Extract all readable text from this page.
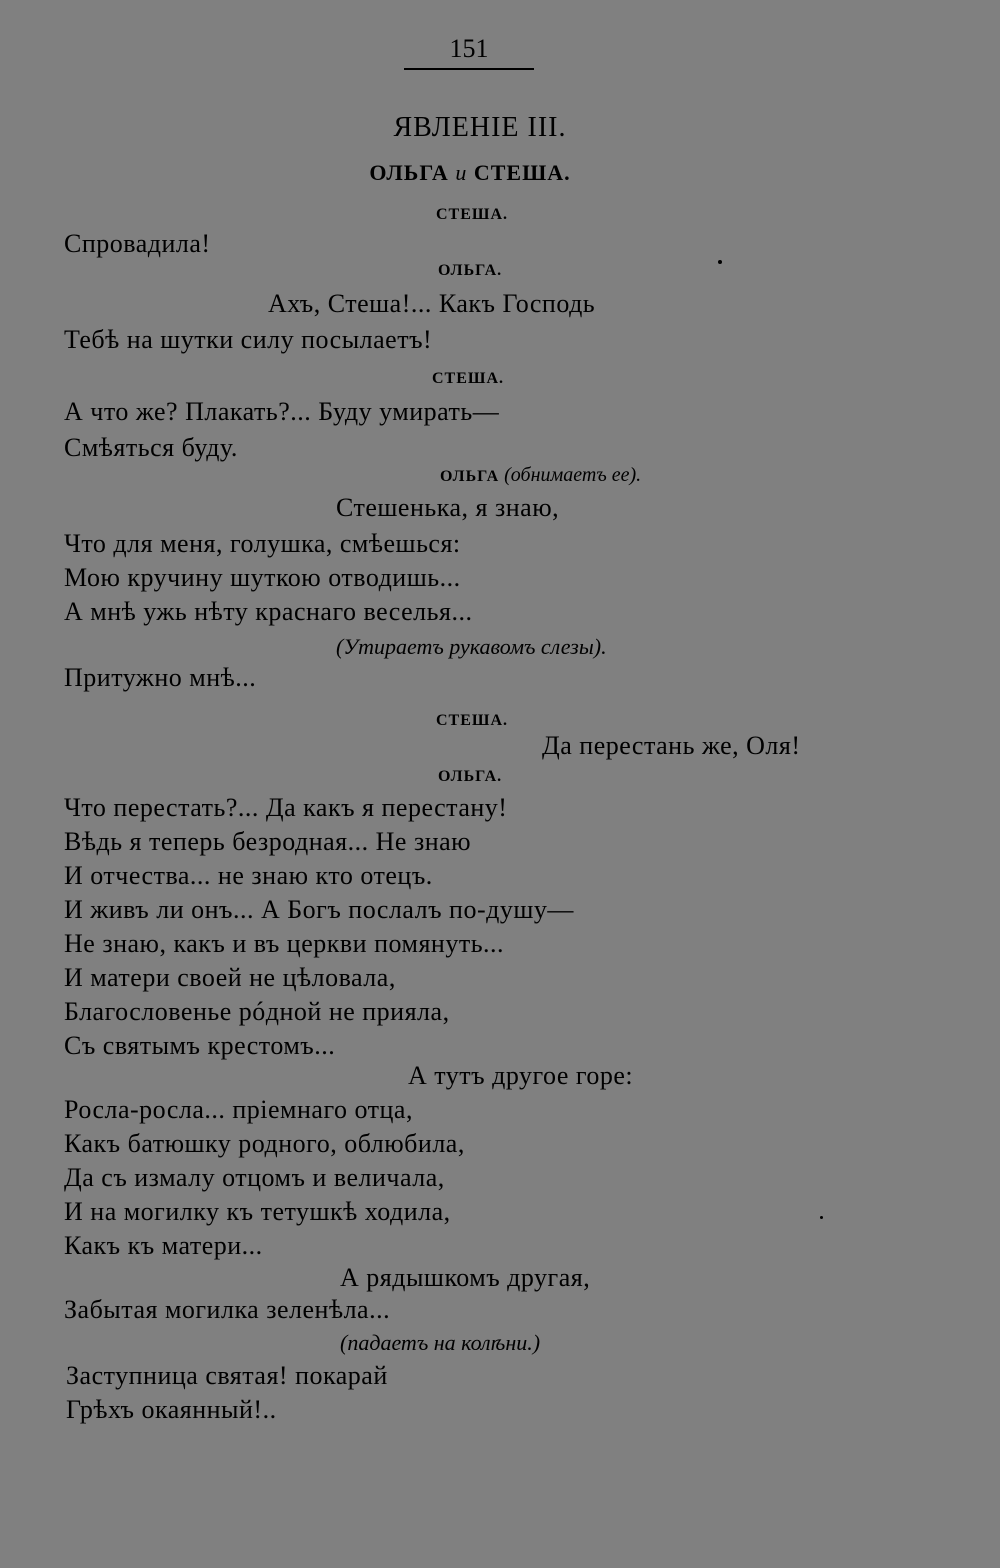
151
ЯВЛЕНІЕ III.
ОЛЬГА и СТЕША.
СТЕША.
Спровадила!
ОЛЬГА.
Ахъ, Стеша!... Какъ Господь
Тебѣ на шутки силу посылаетъ!
СТЕША.
А что же? Плакать?... Буду умирать—
Смѣяться буду.
ОЛЬГА (обнимаетъ ее).
Стешенька, я знаю,
Что для меня, голушка, смѣешься:
Мою кручину шуткою отводишь...
А мнѣ ужь нѣту краснаго веселья...
(Утираетъ рукавомъ слезы).
Притужно мнѣ...
СТЕША.
Да перестань же, Оля!
ОЛЬГА.
Что перестать?... Да какъ я перестану!
Вѣдь я теперь безродная... Не знаю
И отчества... не знаю кто отецъ.
И живъ ли онъ... А Богъ послалъ по-душу—
Не знаю, какъ и въ церкви помянуть...
И матери своей не цѣловала,
Благословенье рóдной не прияла,
Съ святымъ крестомъ...
А тутъ другое горе:
Росла-росла... пріемнаго отца,
Какъ батюшку родного, облюбила,
Да съ измалу отцомъ и величала,
И на могилку къ тетушкѣ ходила,
Какъ къ матери...
А рядышкомъ другая,
Забытая могилка зеленѣла...
(падаетъ на колѣни.)
Заступница святая! покарай
Грѣхъ окаянный!..
